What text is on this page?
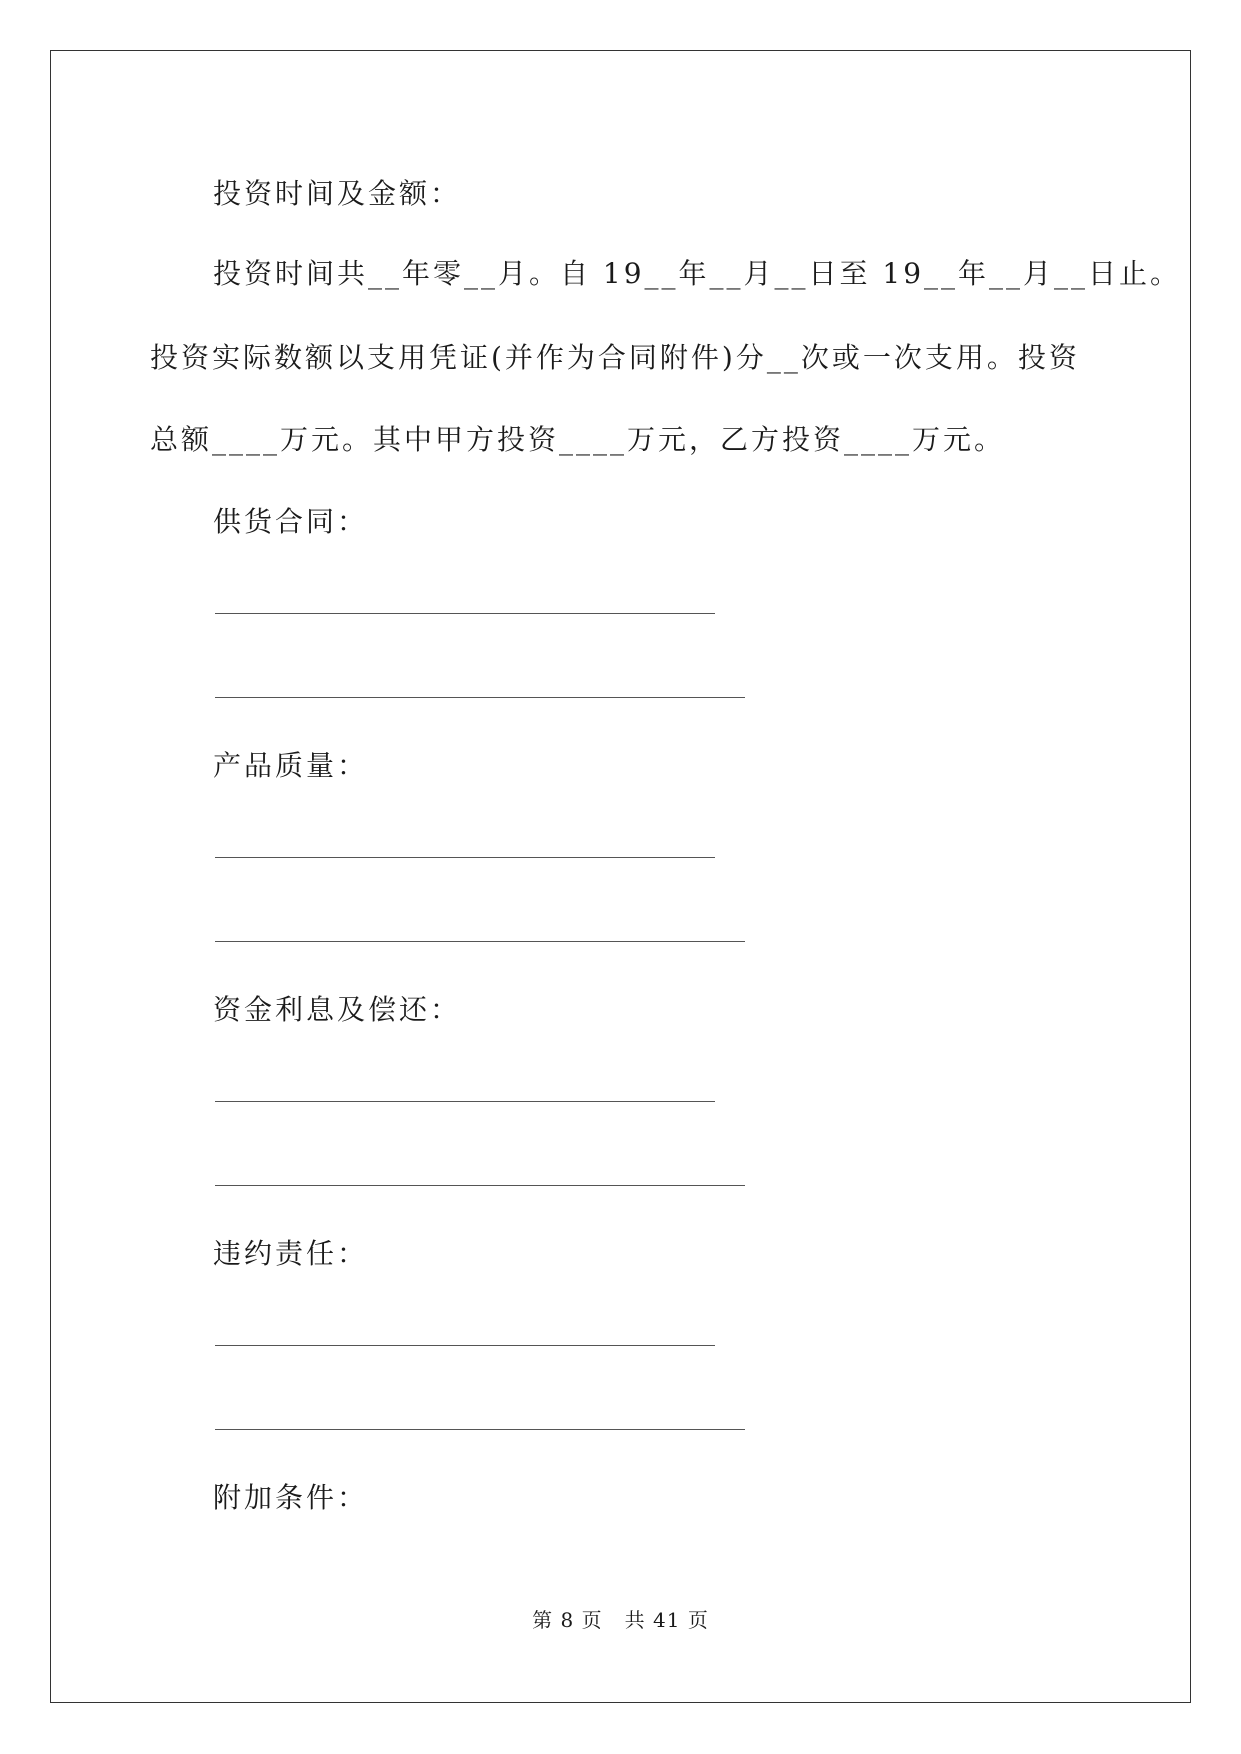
投资时间及金额：
投资时间共__年零__月。自 19__年__月__日至 19__年__月__日止。
投资实际数额以支用凭证(并作为合同附件)分__次或一次支用。投资
总额____万元。其中甲方投资____万元，乙方投资____万元。
供货合同：
产品质量：
资金利息及偿还：
违约责任：
附加条件：
第 8 页 共 41 页
